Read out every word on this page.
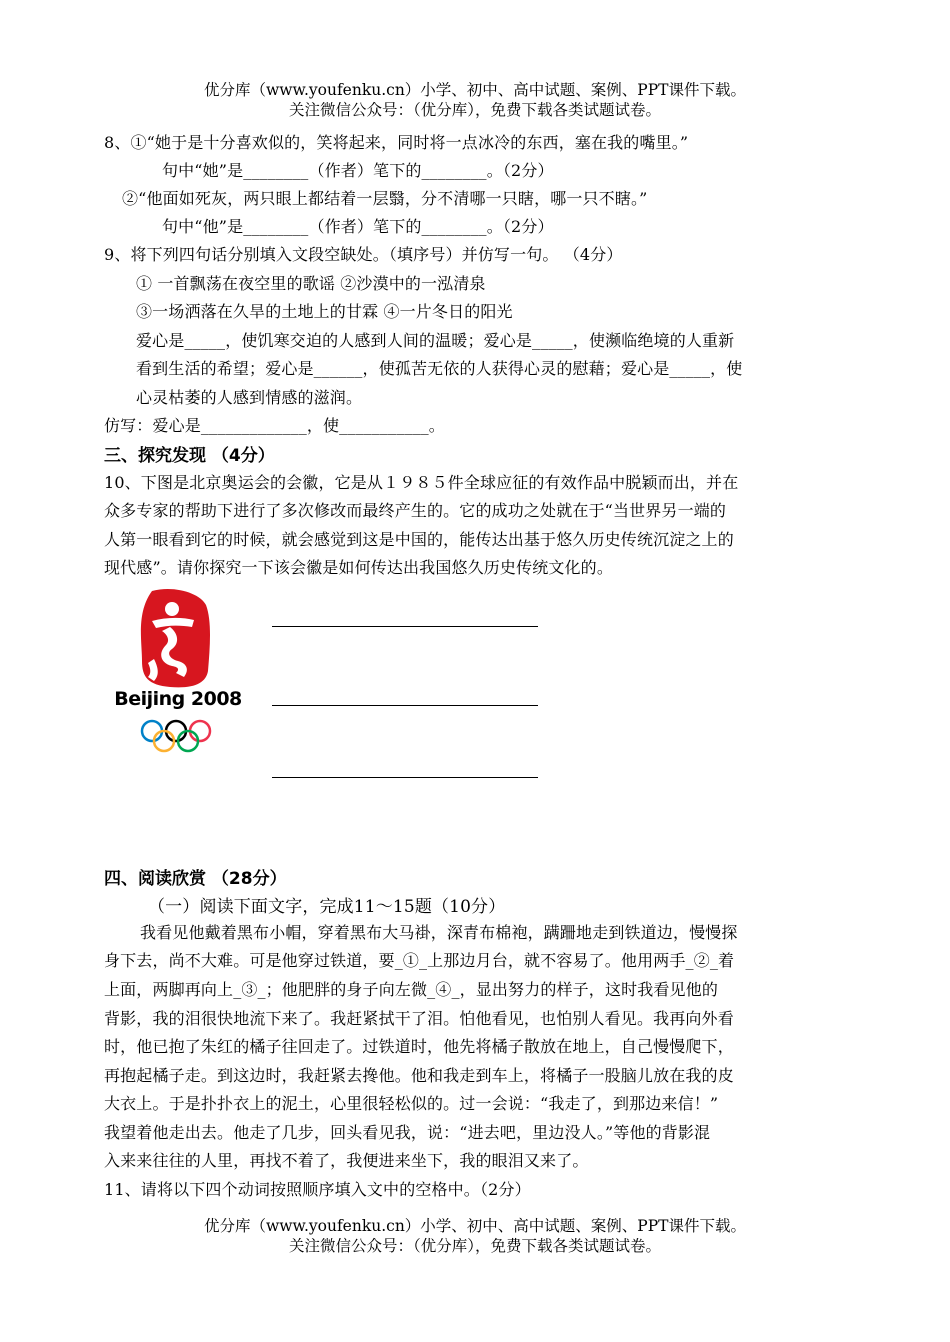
优分库（www.youfenku.cn）小学、初中、高中试题、案例、PPT课件下载。
关注微信公众号：（优分库），免费下载各类试题试卷。
8、①“她于是十分喜欢似的，笑将起来，同时将一点冰冷的东西，塞在我的嘴里。”
句中“她”是________（作者）笔下的________。（2分）
②“他面如死灰，两只眼上都结着一层翳，分不清哪一只瞎，哪一只不瞎。”
句中“他”是________（作者）笔下的________。（2分）
9、将下列四句话分别填入文段空缺处。（填序号）并仿写一句。 （4分）
① 一首飘荡在夜空里的歌谣 ②沙漠中的一泓清泉
③一场洒落在久旱的土地上的甘霖 ④一片冬日的阳光
爱心是_____，使饥寒交迫的人感到人间的温暖；爱心是_____，使濒临绝境的人重新
看到生活的希望；爱心是______，使孤苦无依的人获得心灵的慰藉；爱心是_____，使
心灵枯萎的人感到情感的滋润。
仿写：爱心是_____________，使___________。
三、探究发现 （4分）
10、下图是北京奥运会的会徽，它是从１９８５件全球应征的有效作品中脱颖而出，并在
众多专家的帮助下进行了多次修改而最终产生的。它的成功之处就在于“当世界另一端的
人第一眼看到它的时候，就会感觉到这是中国的，能传达出基于悠久历史传统沉淀之上的
现代感”。请你探究一下该会徽是如何传达出我国悠久历史传统文化的。
Beijing 2008
四、阅读欣赏 （28分）
（一）阅读下面文字，完成11～15题（10分）
我看见他戴着黑布小帽，穿着黑布大马褂，深青布棉袍，蹒跚地走到铁道边，慢慢探
身下去，尚不大难。可是他穿过铁道，要_①_上那边月台，就不容易了。他用两手_②_着
上面，两脚再向上_③_；他肥胖的身子向左微_④_，显出努力的样子，这时我看见他的
背影，我的泪很快地流下来了。我赶紧拭干了泪。怕他看见，也怕别人看见。我再向外看
时，他已抱了朱红的橘子往回走了。过铁道时，他先将橘子散放在地上，自己慢慢爬下，
再抱起橘子走。到这边时，我赶紧去搀他。他和我走到车上，将橘子一股脑儿放在我的皮
大衣上。于是扑扑衣上的泥土，心里很轻松似的。过一会说：“我走了，到那边来信！”
我望着他走出去。他走了几步，回头看见我，说：“进去吧，里边没人。”等他的背影混
入来来往往的人里，再找不着了，我便进来坐下，我的眼泪又来了。
11、请将以下四个动词按照顺序填入文中的空格中。（2分）
优分库（www.youfenku.cn）小学、初中、高中试题、案例、PPT课件下载。
关注微信公众号：（优分库），免费下载各类试题试卷。
